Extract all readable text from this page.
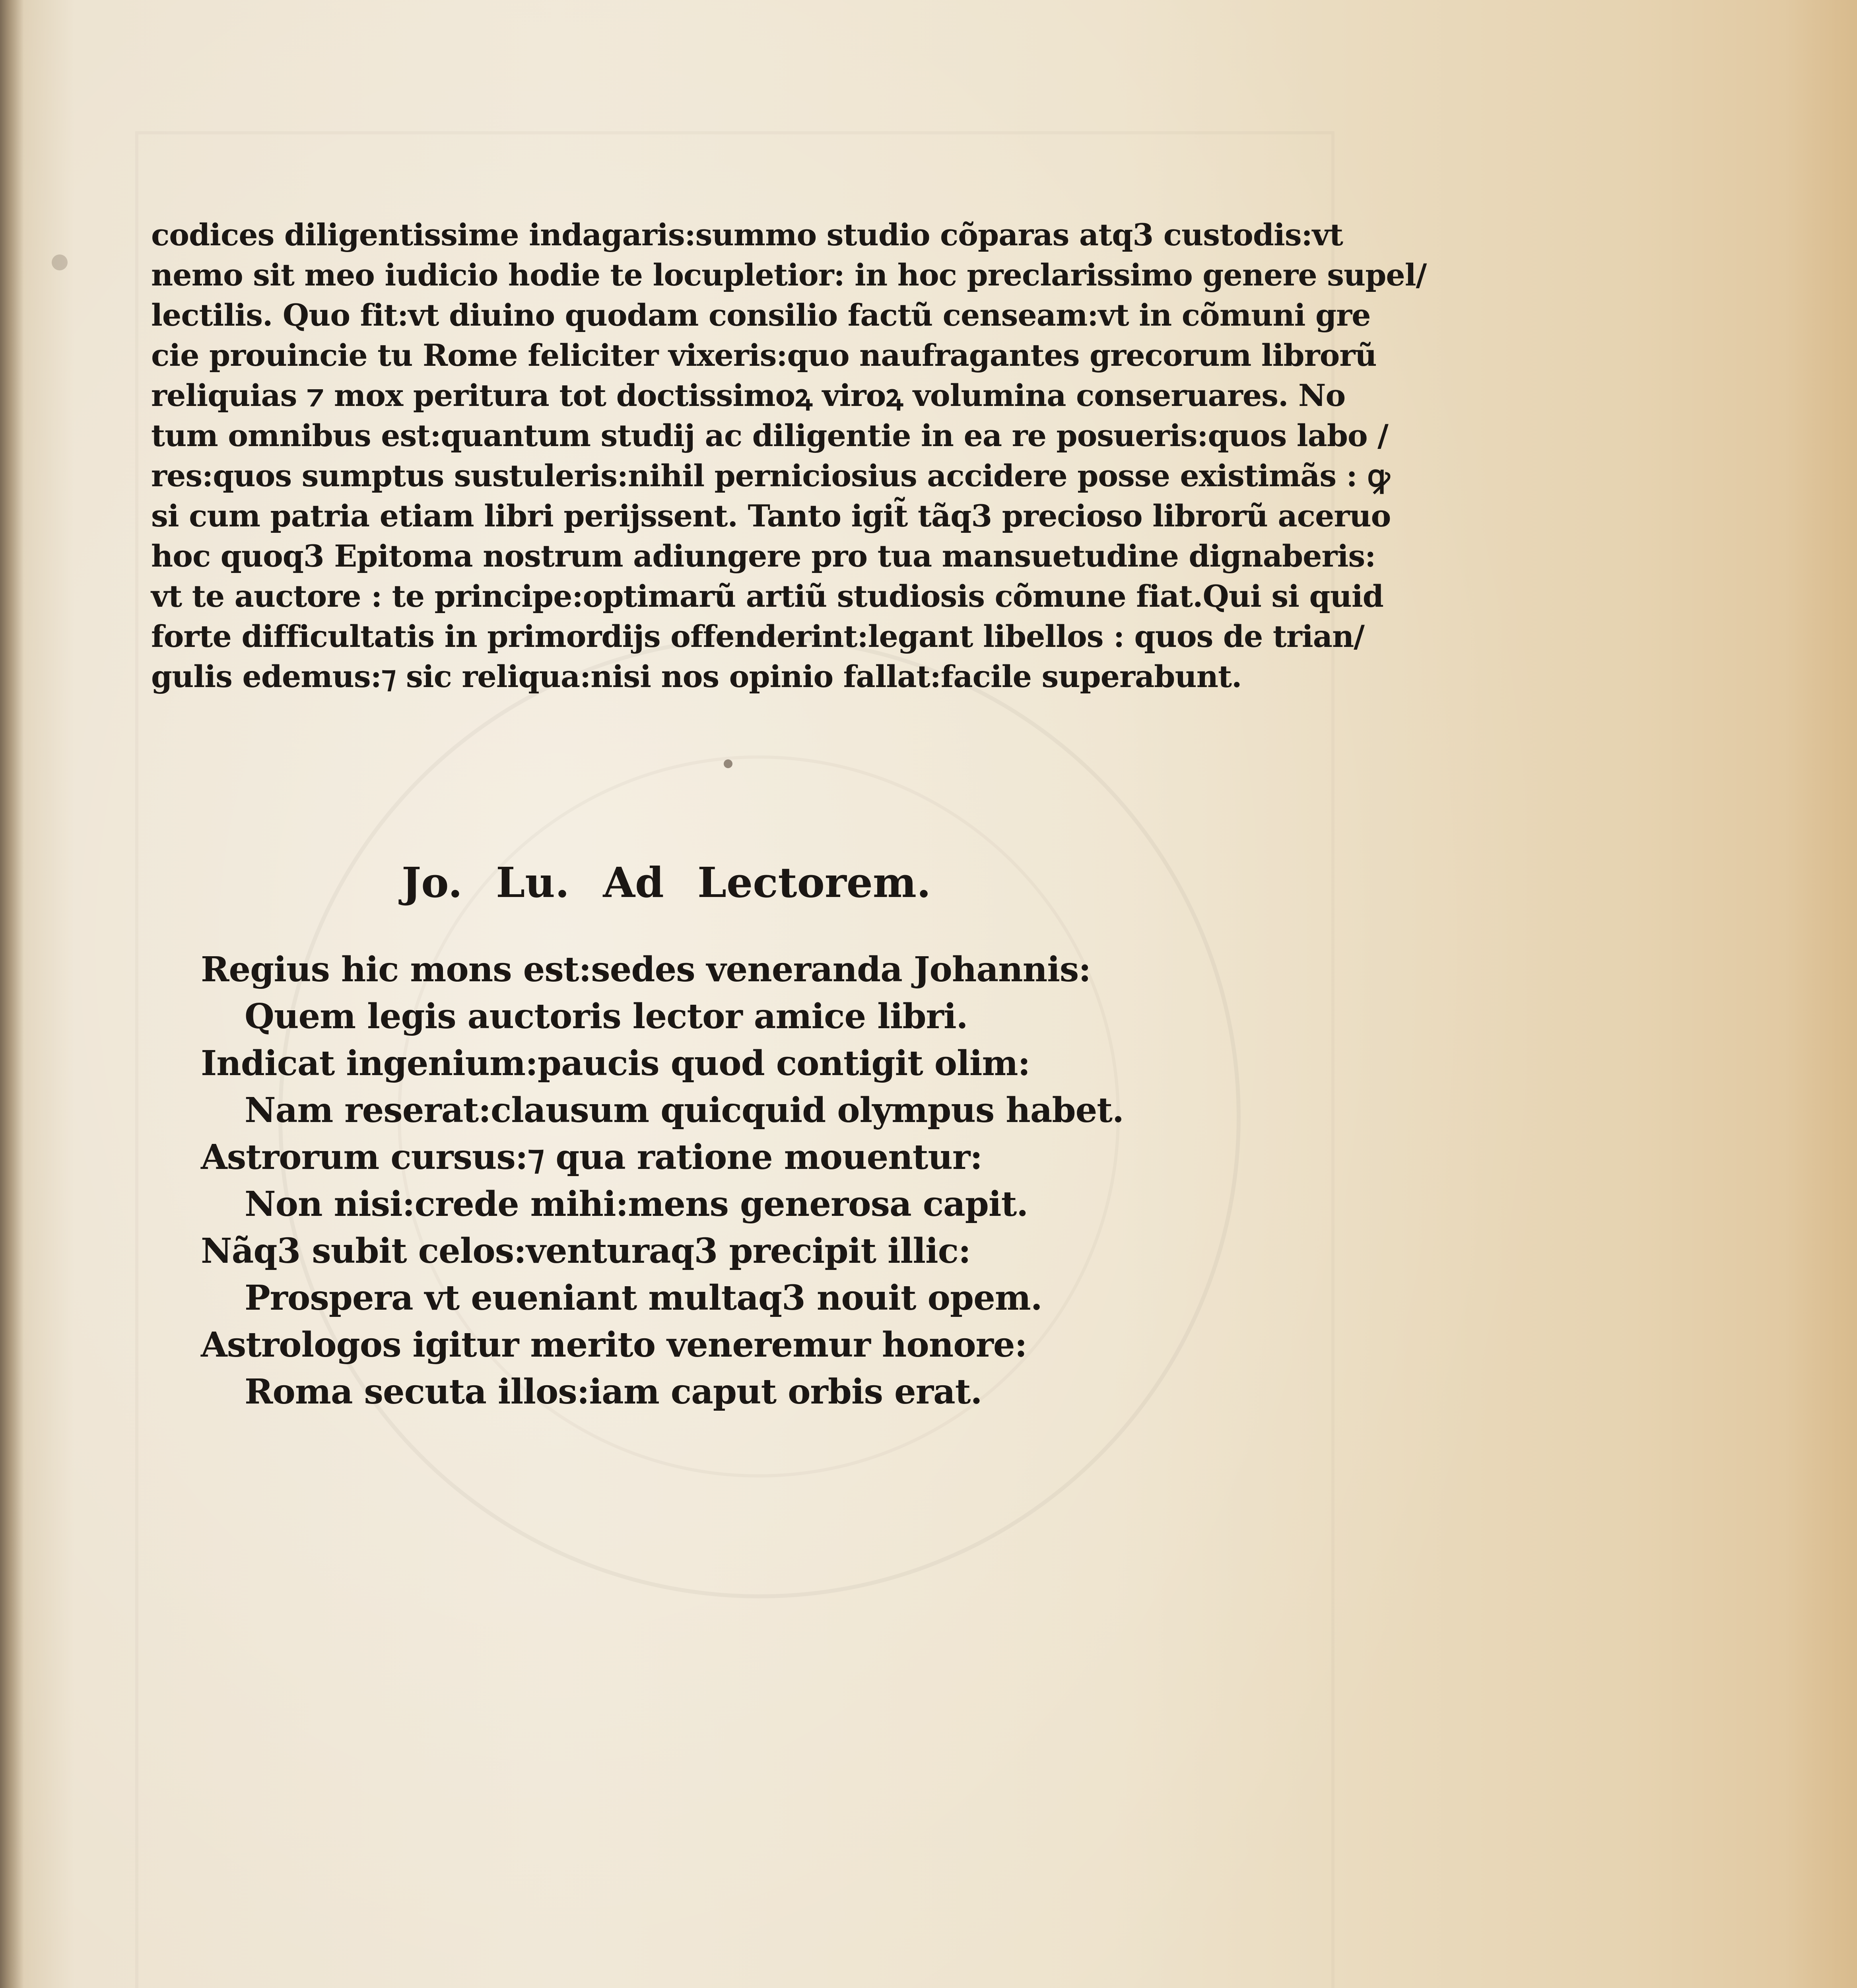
codices diligentissime indagaris:summo studio cõparas atq3 custodis:vt
nemo sit meo iudicio hodie te locupletior: in hoc preclarissimo genere supel/
lectilis. Quo fit:vt diuino quodam consilio factũ censeam:vt in cõmuni gre
cie prouincie tu Rome feliciter vixeris:quo naufragantes grecorum librorũ
reliquias ⁊ mox peritura tot doctissimoꝝ viroꝝ volumina conseruares. No
tum omnibus est:quantum studij ac diligentie in ea re posueris:quos labo /
res:quos sumptus sustuleris:nihil perniciosius accidere posse existimãs : ꝙ
si cum patria etiam libri perijssent. Tanto igit̃ tãq3 precioso librorũ aceruo
hoc quoq3 Epitoma nostrum adiungere pro tua mansuetudine dignaberis:
vt te auctore : te principe:optimarũ artiũ studiosis cõmune fiat.Qui si quid
forte difficultatis in primordijs offenderint:legant libellos : quos de trian/
gulis edemus:⁊ sic reliqua:nisi nos opinio fallat:facile superabunt.
Jo. Lu. Ad Lectorem.
Regius hic mons est:sedes veneranda Johannis:
Quem legis auctoris lector amice libri.
Indicat ingenium:paucis quod contigit olim:
Nam reserat:clausum quicquid olympus habet.
Astrorum cursus:⁊ qua ratione mouentur:
Non nisi:crede mihi:mens generosa capit.
Nãq3 subit celos:venturaq3 precipit illic:
Prospera vt eueniant multaq3 nouit opem.
Astrologos igitur merito veneremur honore:
Roma secuta illos:iam caput orbis erat.
